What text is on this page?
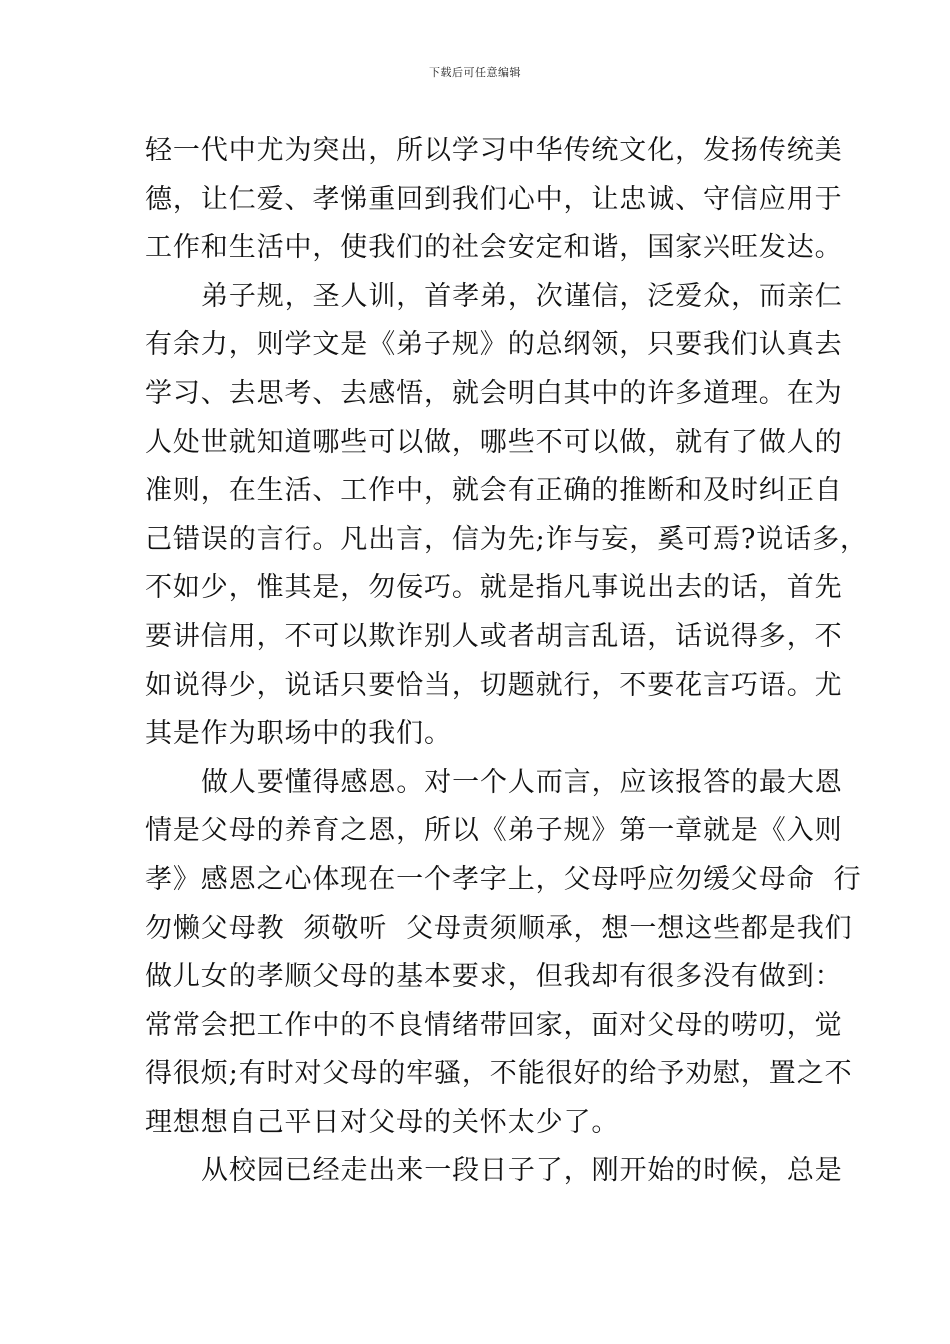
下载后可任意编辑
轻一代中尤为突出，所以学习中华传统文化，发扬传统美
德，让仁爱、孝悌重回到我们心中，让忠诚、守信应用于
工作和生活中，使我们的社会安定和谐，国家兴旺发达。
弟子规，圣人训，首孝弟，次谨信，泛爱众，而亲仁
有余力，则学文是《弟子规》的总纲领，只要我们认真去
学习、去思考、去感悟，就会明白其中的许多道理。在为
人处世就知道哪些可以做，哪些不可以做，就有了做人的
准则，在生活、工作中，就会有正确的推断和及时纠正自
己错误的言行。凡出言，信为先;诈与妄，奚可焉?说话多，
不如少，惟其是，勿佞巧。就是指凡事说出去的话，首先
要讲信用，不可以欺诈别人或者胡言乱语，话说得多，不
如说得少，说话只要恰当，切题就行，不要花言巧语。尤
其是作为职场中的我们。
做人要懂得感恩。对一个人而言，应该报答的最大恩
情是父母的养育之恩，所以《弟子规》第一章就是《入则
孝》感恩之心体现在一个孝字上，父母呼应勿缓父母命  行
勿懒父母教  须敬听  父母责须顺承，想一想这些都是我们
做儿女的孝顺父母的基本要求，但我却有很多没有做到：
常常会把工作中的不良情绪带回家，面对父母的唠叨，觉
得很烦;有时对父母的牢骚，不能很好的给予劝慰，置之不
理想想自己平日对父母的关怀太少了。
从校园已经走出来一段日子了，刚开始的时候，总是
